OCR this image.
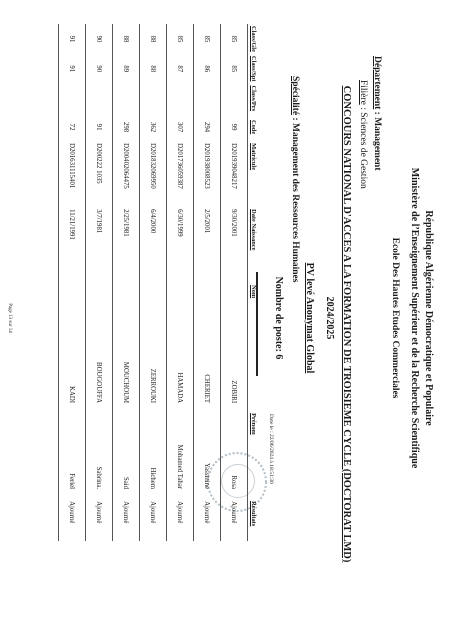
République Algérienne Démocratique et Populaire
Ministère de l’Enseignement Supérieur et de la Recherche Scientifique
Ecole Des Hautes Etudes Commerciales
Département : Management
Filière : Sciences de Gestion
CONCOURS NATIONAL D'ACCES A LA FORMATION DE TROISIEME CYCLE (DOCTORAT LMD)
2024/2025
PV levé Anonymat Global
Spécialité : Management des Ressources Humaines
Nombre de poste: 6
Date le : 22/06/2024 à 18:51:30
Class/Gle	Class/Spt	Class/Prs	Code	Matricule	Date Naissance	Nom	Prénom	Résultats
85	85		99	D201939048217	9/30/2001	ZOBIRI	Rosa	Ajourné
85	86		294	D201938008523	2/5/2001	CHERIET	Yassmine	Ajourné
85	87		307	D201736059387	6/30/1999	HAMADA	Mohamed Tahar	Ajourné
88	88		362	D201832069950	6/4/2000	ZERROUKI	Hichem	Ajourné
88	89		298	D200402064475	2/25/1981	MOUCHOUM	Said	Ajourné
90	90		91	D200222 1035	3/7/1981	BOUGOUFFA	Sabrina.	Ajourné
91	91		72	D201631115401	11/21/1991	KADI	Feriel	Ajourné
Page 13 sur 14
